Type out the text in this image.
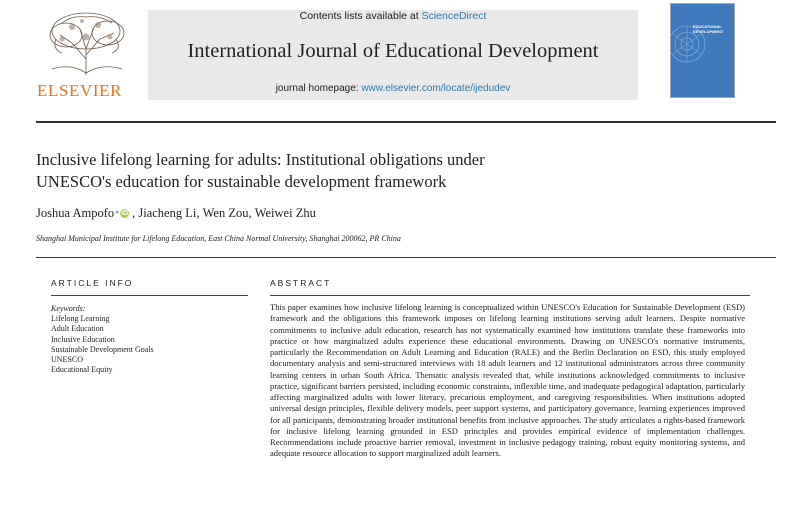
ELSEVIER
Contents lists available at ScienceDirect
International Journal of Educational Development
journal homepage: www.elsevier.com/locate/ijedudev
EDUCATIONAL DEVELOPMENT
Inclusive lifelong learning for adults: Institutional obligations under
UNESCO's education for sustainable development framework
Joshua Ampofo * iD , Jiacheng Li , Wen Zou , Weiwei Zhu
Shanghai Municipal Institute for Lifelong Education, East China Normal University, Shanghai 200062, PR China
ARTICLE INFO
Keywords:
Lifelong Learning
Adult Education
Inclusive Education
Sustainable Development Goals
UNESCO
Educational Equity
ABSTRACT
This paper examines how inclusive lifelong learning is conceptualized within UNESCO's Education for Sustainable Development (ESD) framework and the obligations this framework imposes on lifelong learning institutions serving adult learners. Despite normative commitments to inclusive adult education, research has not systematically examined how institutions translate these frameworks into practice or how marginalized adults experience these educational environments. Drawing on UNESCO's normative instruments, particularly the Recommendation on Adult Learning and Education (RALE) and the Berlin Declaration on ESD, this study employed documentary analysis and semi-structured interviews with 18 adult learners and 12 institutional administrators across three community learning centers in urban South Africa. Thematic analysis revealed that, while institutions acknowledged commitments to inclusive practice, significant barriers persisted, including economic constraints, inflexible time, and inadequate pedagogical adaptation, particularly affecting marginalized adults with lower literacy, precarious employment, and caregiving responsibilities. When institutions adopted universal design principles, flexible delivery models, peer support systems, and participatory governance, learning experiences improved for all participants, demonstrating broader institutional benefits from inclusive approaches. The study articulates a rights-based framework for inclusive lifelong learning grounded in ESD principles and provides empirical evidence of implementation challenges. Recommendations include proactive barrier removal, investment in inclusive pedagogy training, robust equity monitoring systems, and adequate resource allocation to support marginalized adult learners.
